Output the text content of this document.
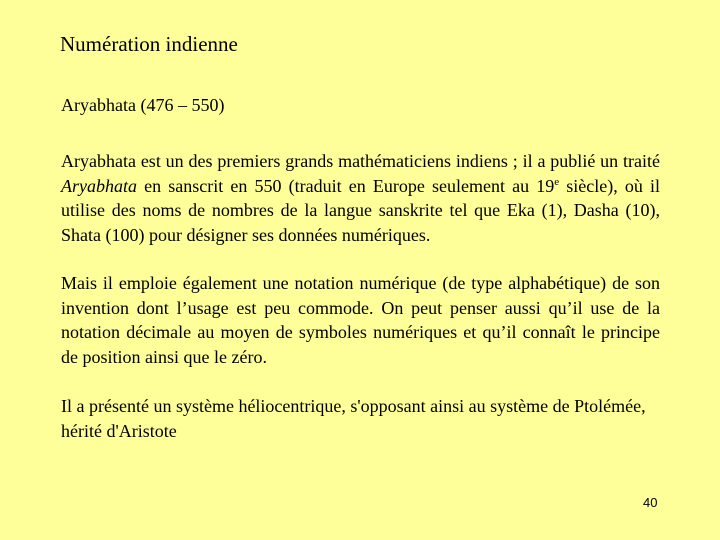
Numération indienne
Aryabhata (476 – 550)

Aryabhata est un des premiers grands mathématiciens indiens ; il a publié un traité Aryabhata en sanscrit en 550 (traduit en Europe seulement au 19e siècle), où il utilise des noms de nombres de la langue sanskrite tel que Eka (1), Dasha (10), Shata (100) pour désigner ses données numériques.

Mais il emploie également une notation numérique (de type alphabétique) de son invention dont l’usage est peu commode. On peut penser aussi qu’il use de la notation décimale au moyen de symboles numériques et qu’il connaît le principe de position ainsi que le zéro.

Il a présenté un système héliocentrique, s'opposant ainsi au système de Ptolémée, hérité d'Aristote

40
